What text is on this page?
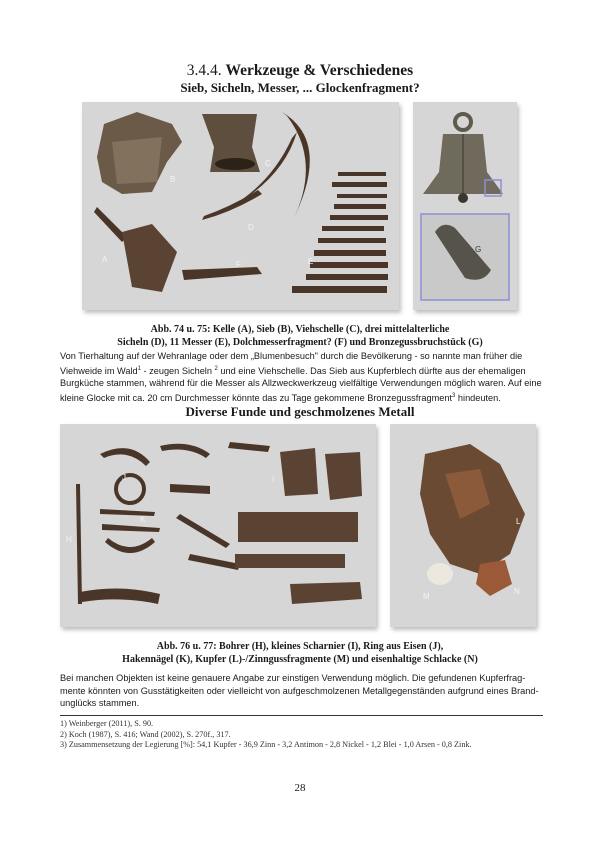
3.4.4. Werkzeuge & Verschiedenes
Sieb, Sicheln, Messer, ... Glockenfragment?
B
C
D
A
F	E
G
Abb. 74 u. 75: Kelle (A), Sieb (B), Viehschelle (C), drei mittelalterliche
Sicheln (D), 11 Messer (E), Dolchmesserfragment? (F) und Bronzegussbruchstück (G)
Von Tierhaltung auf der Wehranlage oder dem „Blumenbesuch" durch die Bevölkerung - so nannte man früher die
Viehweide im Wald$^1$ - zeugen Sicheln $^2$ und eine Viehschelle. Das Sieb aus Kupferblech dürfte aus der ehemaligen
Burgküche stammen, während für die Messer als Allzweckwerkzeug vielfältige Verwendungen möglich waren. Auf eine
kleine Glocke mit ca. 20 cm Durchmesser könnte das zu Tage gekommene Bronzegussfragment$^3$ hindeuten.
Diverse Funde und geschmolzenes Metall
H
I
J
K	L
M
N
Abb. 76 u. 77: Bohrer (H), kleines Scharnier (I), Ring aus Eisen (J),
Hakennägel (K), Kupfer (L)-/Zinngussfragmente (M) und eisenhaltige Schlacke (N)
Bei manchen Objekten ist keine genauere Angabe zur einstigen Verwendung möglich. Die gefundenen Kupferfrag-
mente könnten von Gusstätigkeiten oder vielleicht von aufgeschmolzenen Metallgegenständen aufgrund eines Brand-
unglücks stammen.
1) Weinberger (2011), S. 90.
2) Koch (1987), S. 416; Wand (2002), S. 270f., 317.
3) Zusammensetzung der Legierung [%]: 54,1 Kupfer - 36,9 Zinn - 3,2 Antimon - 2,8 Nickel - 1,2 Blei - 1,0 Arsen - 0,8 Zink.
28
